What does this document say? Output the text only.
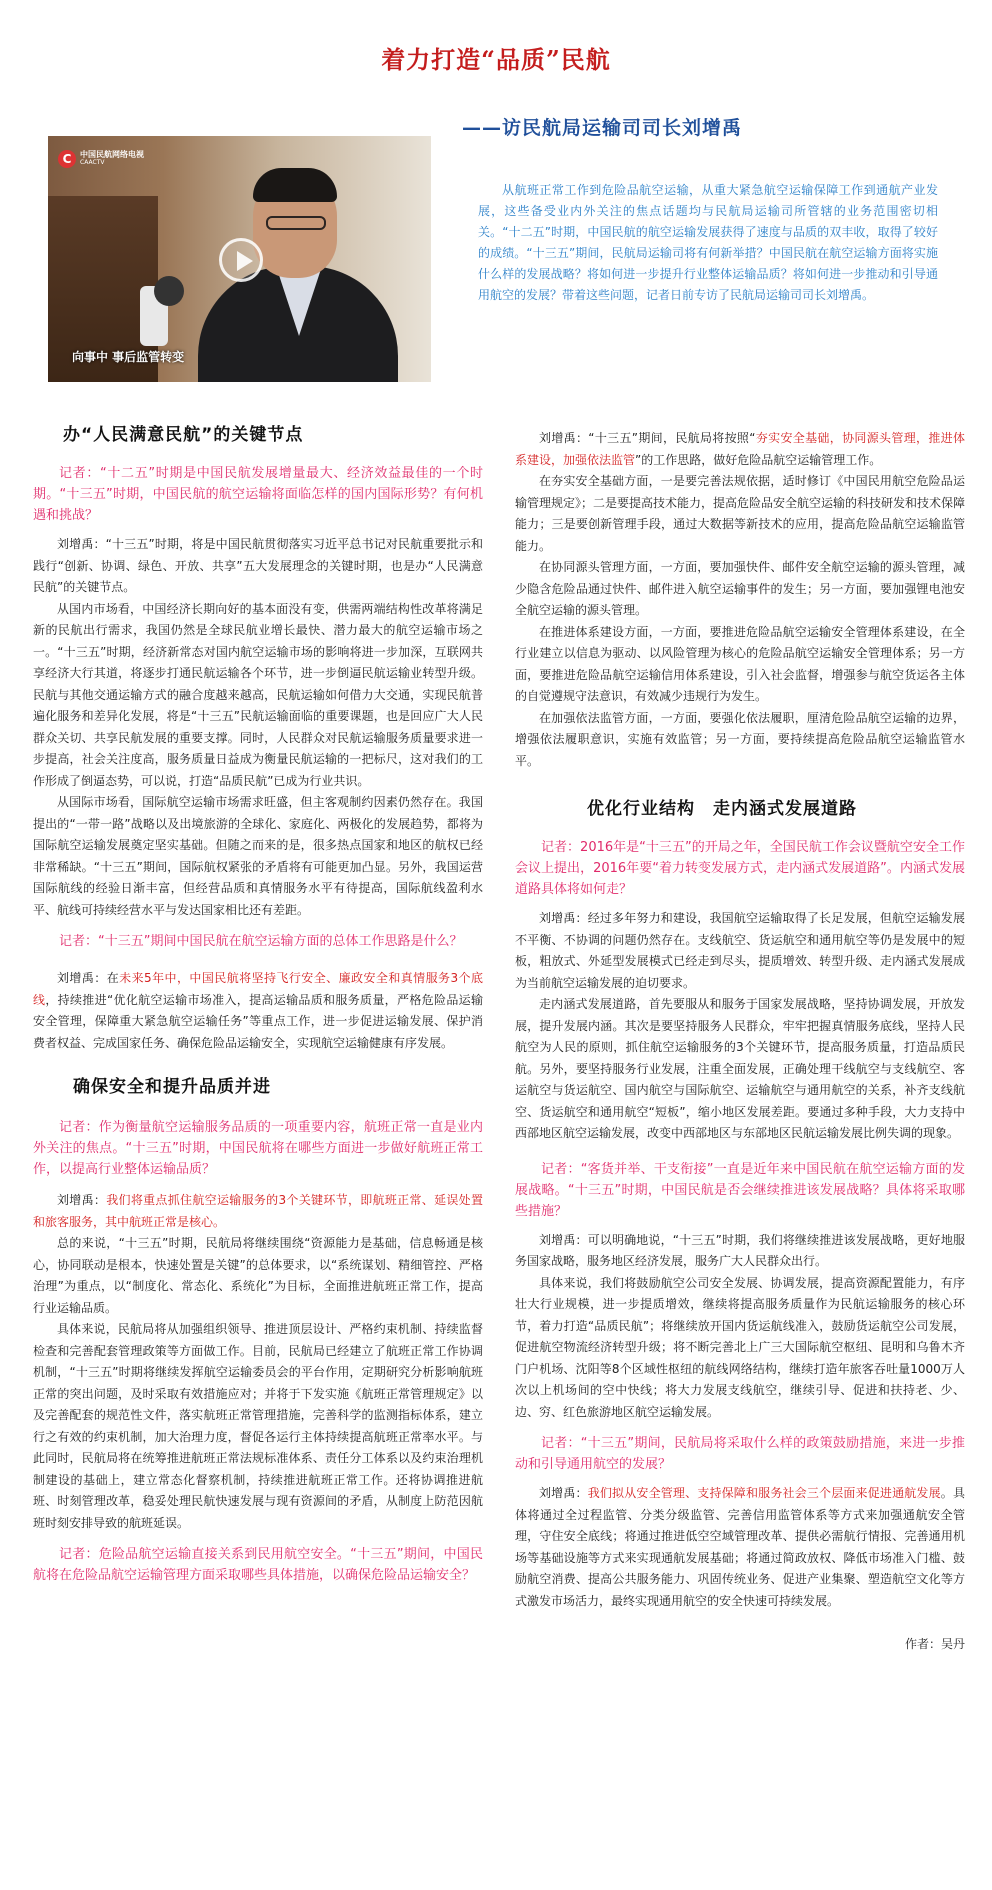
着力打造“品质”民航
C	中国民航网络电视
CAACTV
向事中 事后监管转变
——访民航局运输司司长刘增禹

从航班正常工作到危险品航空运输，从重大紧急航空运输保障工作到通航产业发展，这些备受业内外关注的焦点话题均与民航局运输司所管辖的业务范围密切相关。“十二五”时期，中国民航的航空运输发展获得了速度与品质的双丰收，取得了较好的成绩。“十三五”期间，民航局运输司将有何新举措？中国民航在航空运输方面将实施什么样的发展战略？将如何进一步提升行业整体运输品质？将如何进一步推动和引导通用航空的发展？带着这些问题，记者日前专访了民航局运输司司长刘增禹。

办“人民满意民航”的关键节点

记者：“十二五”时期是中国民航发展增量最大、经济效益最佳的一个时期。“十三五”时期，中国民航的航空运输将面临怎样的国内国际形势？有何机遇和挑战？

刘增禹：“十三五”时期，将是中国民航贯彻落实习近平总书记对民航重要批示和践行“创新、协调、绿色、开放、共享”五大发展理念的关键时期，也是办“人民满意民航”的关键节点。

从国内市场看，中国经济长期向好的基本面没有变，供需两端结构性改革将满足新的民航出行需求，我国仍然是全球民航业增长最快、潜力最大的航空运输市场之一。“十三五”时期，经济新常态对国内航空运输市场的影响将进一步加深，互联网共享经济大行其道，将逐步打通民航运输各个环节，进一步倒逼民航运输业转型升级。民航与其他交通运输方式的融合度越来越高，民航运输如何借力大交通，实现民航普遍化服务和差异化发展，将是“十三五”民航运输面临的重要课题，也是回应广大人民群众关切、共享民航发展的重要支撑。同时，人民群众对民航运输服务质量要求进一步提高，社会关注度高，服务质量日益成为衡量民航运输的一把标尺，这对我们的工作形成了倒逼态势，可以说，打造“品质民航”已成为行业共识。

从国际市场看，国际航空运输市场需求旺盛，但主客观制约因素仍然存在。我国提出的“一带一路”战略以及出境旅游的全球化、家庭化、两极化的发展趋势，都将为国际航空运输发展奠定坚实基础。但随之而来的是，很多热点国家和地区的航权已经非常稀缺。“十三五”期间，国际航权紧张的矛盾将有可能更加凸显。另外，我国运营国际航线的经验日渐丰富，但经营品质和真情服务水平有待提高，国际航线盈利水平、航线可持续经营水平与发达国家相比还有差距。

记者：“十三五”期间中国民航在航空运输方面的总体工作思路是什么？

刘增禹：在未来5年中，中国民航将坚持飞行安全、廉政安全和真情服务3个底线，持续推进“优化航空运输市场准入，提高运输品质和服务质量，严格危险品运输安全管理，保障重大紧急航空运输任务”等重点工作，进一步促进运输发展、保护消费者权益、完成国家任务、确保危险品运输安全，实现航空运输健康有序发展。

确保安全和提升品质并进

记者：作为衡量航空运输服务品质的一项重要内容，航班正常一直是业内外关注的焦点。“十三五”时期，中国民航将在哪些方面进一步做好航班正常工作，以提高行业整体运输品质？

刘增禹：我们将重点抓住航空运输服务的3个关键环节，即航班正常、延误处置和旅客服务，其中航班正常是核心。

总的来说，“十三五”时期，民航局将继续围绕“资源能力是基础，信息畅通是核心，协同联动是根本，快速处置是关键”的总体要求，以“系统谋划、精细管控、严格治理”为重点，以“制度化、常态化、系统化”为目标，全面推进航班正常工作，提高行业运输品质。

具体来说，民航局将从加强组织领导、推进顶层设计、严格约束机制、持续监督检查和完善配套管理政策等方面做工作。目前，民航局已经建立了航班正常工作协调机制，“十三五”时期将继续发挥航空运输委员会的平台作用，定期研究分析影响航班正常的突出问题，及时采取有效措施应对；并将于下发实施《航班正常管理规定》以及完善配套的规范性文件，落实航班正常管理措施，完善科学的监测指标体系，建立行之有效的约束机制，加大治理力度，督促各运行主体持续提高航班正常率水平。与此同时，民航局将在统筹推进航班正常法规标准体系、责任分工体系以及约束治理机制建设的基础上，建立常态化督察机制，持续推进航班正常工作。还将协调推进航班、时刻管理改革，稳妥处理民航快速发展与现有资源间的矛盾，从制度上防范因航班时刻安排导致的航班延误。

记者：危险品航空运输直接关系到民用航空安全。“十三五”期间，中国民航将在危险品航空运输管理方面采取哪些具体措施，以确保危险品运输安全？

刘增禹：“十三五”期间，民航局将按照“夯实安全基础，协同源头管理，推进体系建设，加强依法监管”的工作思路，做好危险品航空运输管理工作。

在夯实安全基础方面，一是要完善法规依据，适时修订《中国民用航空危险品运输管理规定》；二是要提高技术能力，提高危险品安全航空运输的科技研发和技术保障能力；三是要创新管理手段，通过大数据等新技术的应用，提高危险品航空运输监管能力。

在协同源头管理方面，一方面，要加强快件、邮件安全航空运输的源头管理，减少隐含危险品通过快件、邮件进入航空运输事件的发生；另一方面，要加强锂电池安全航空运输的源头管理。

在推进体系建设方面，一方面，要推进危险品航空运输安全管理体系建设，在全行业建立以信息为驱动、以风险管理为核心的危险品航空运输安全管理体系；另一方面，要推进危险品航空运输信用体系建设，引入社会监督，增强参与航空货运各主体的自觉遵规守法意识，有效减少违规行为发生。

在加强依法监管方面，一方面，要强化依法履职，厘清危险品航空运输的边界，增强依法履职意识，实施有效监管；另一方面，要持续提高危险品航空运输监管水平。

优化行业结构　走内涵式发展道路

记者：2016年是“十三五”的开局之年，全国民航工作会议暨航空安全工作会议上提出，2016年要“着力转变发展方式，走内涵式发展道路”。内涵式发展道路具体将如何走？

刘增禹：经过多年努力和建设，我国航空运输取得了长足发展，但航空运输发展不平衡、不协调的问题仍然存在。支线航空、货运航空和通用航空等仍是发展中的短板，粗放式、外延型发展模式已经走到尽头，提质增效、转型升级、走内涵式发展成为当前航空运输发展的迫切要求。

走内涵式发展道路，首先要服从和服务于国家发展战略，坚持协调发展，开放发展，提升发展内涵。其次是要坚持服务人民群众，牢牢把握真情服务底线，坚持人民航空为人民的原则，抓住航空运输服务的3个关键环节，提高服务质量，打造品质民航。另外，要坚持服务行业发展，注重全面发展，正确处理干线航空与支线航空、客运航空与货运航空、国内航空与国际航空、运输航空与通用航空的关系，补齐支线航空、货运航空和通用航空“短板”，缩小地区发展差距。要通过多种手段，大力支持中西部地区航空运输发展，改变中西部地区与东部地区民航运输发展比例失调的现象。

记者：“客货并举、干支衔接”一直是近年来中国民航在航空运输方面的发展战略。“十三五”时期，中国民航是否会继续推进该发展战略？具体将采取哪些措施？

刘增禹：可以明确地说，“十三五”时期，我们将继续推进该发展战略，更好地服务国家战略，服务地区经济发展，服务广大人民群众出行。

具体来说，我们将鼓励航空公司安全发展、协调发展，提高资源配置能力，有序壮大行业规模，进一步提质增效，继续将提高服务质量作为民航运输服务的核心环节，着力打造“品质民航”；将继续放开国内货运航线准入，鼓励货运航空公司发展，促进航空物流经济转型升级；将不断完善北上广三大国际航空枢纽、昆明和乌鲁木齐门户机场、沈阳等8个区域性枢纽的航线网络结构，继续打造年旅客吞吐量1000万人次以上机场间的空中快线；将大力发展支线航空，继续引导、促进和扶持老、少、边、穷、红色旅游地区航空运输发展。

记者：“十三五”期间，民航局将采取什么样的政策鼓励措施，来进一步推动和引导通用航空的发展？

刘增禹：我们拟从安全管理、支持保障和服务社会三个层面来促进通航发展。具体将通过全过程监管、分类分级监管、完善信用监管体系等方式来加强通航安全管理，守住安全底线；将通过推进低空空域管理改革、提供必需航行情报、完善通用机场等基础设施等方式来实现通航发展基础；将通过简政放权、降低市场准入门槛、鼓励航空消费、提高公共服务能力、巩固传统业务、促进产业集聚、塑造航空文化等方式激发市场活力，最终实现通用航空的安全快速可持续发展。

作者：吴丹
